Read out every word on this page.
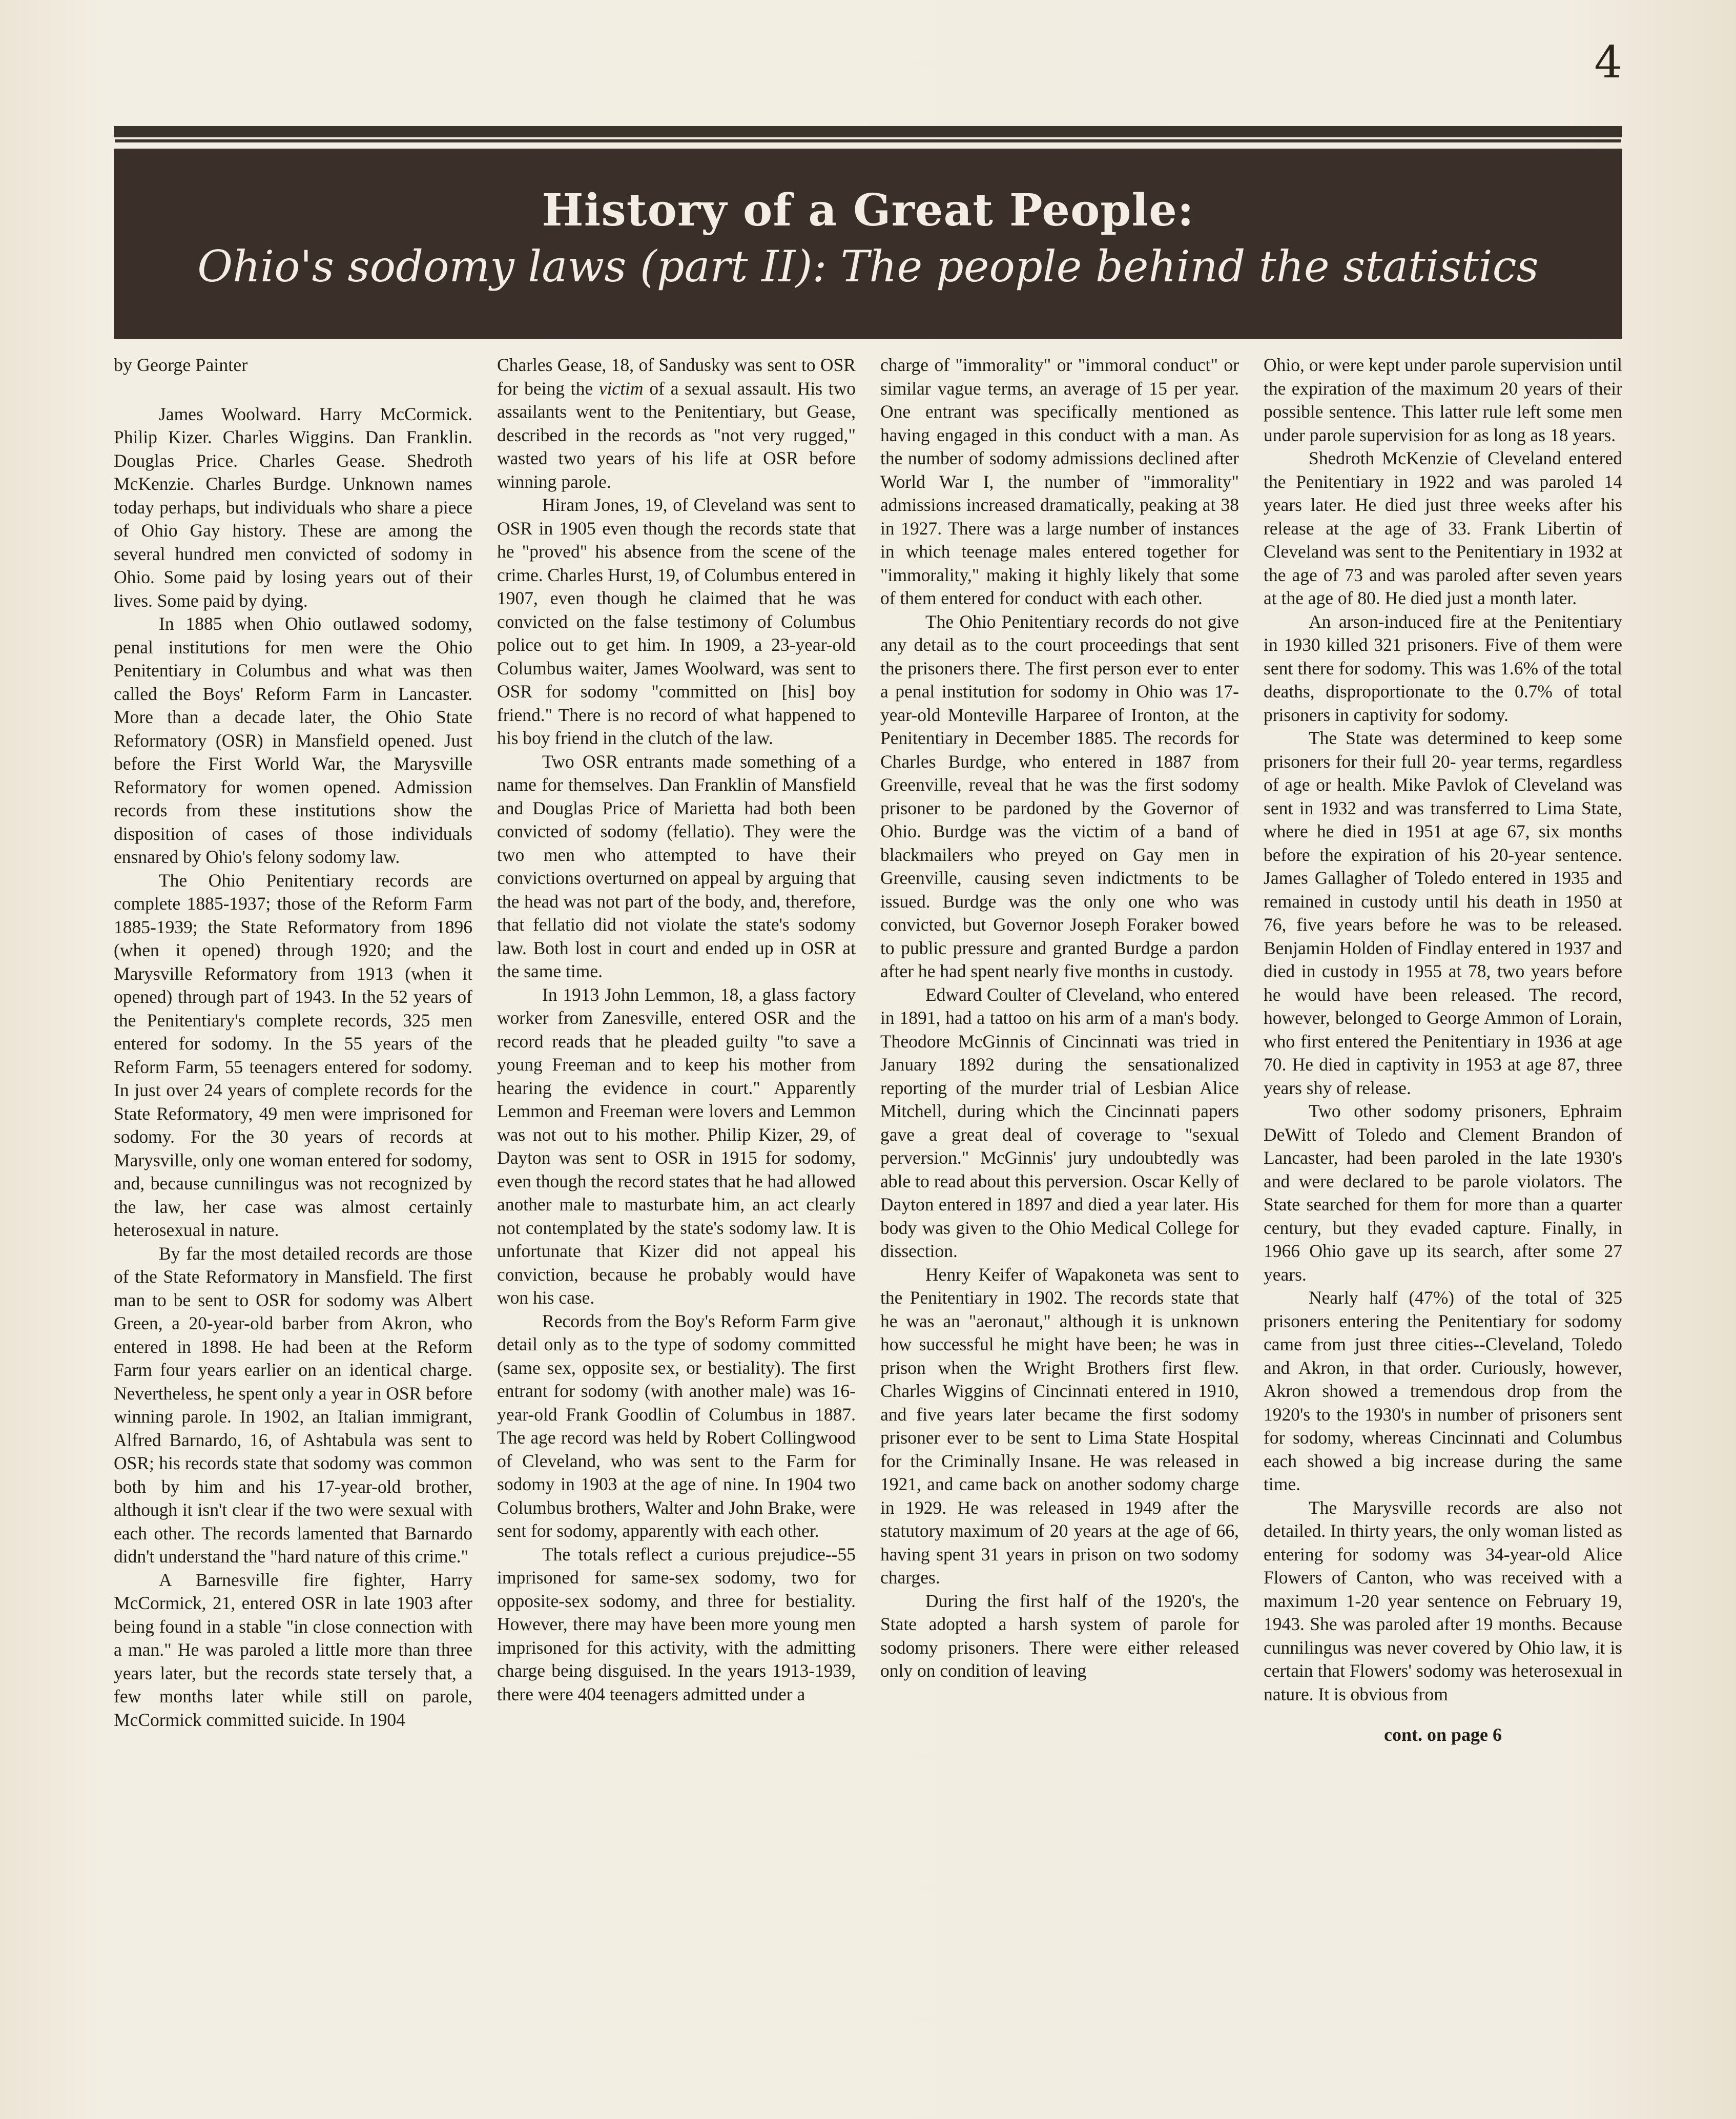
4
History of a Great People:
Ohio's sodomy laws (part II): The people behind the statistics
by George Painter

James Woolward. Harry McCormick. Philip Kizer. Charles Wiggins. Dan Franklin. Douglas Price. Charles Gease. Shedroth McKenzie. Charles Burdge. Unknown names today perhaps, but individuals who share a piece of Ohio Gay history. These are among the several hundred men convicted of sodomy in Ohio. Some paid by losing years out of their lives. Some paid by dying.

In 1885 when Ohio outlawed sodomy, penal institutions for men were the Ohio Penitentiary in Columbus and what was then called the Boys' Reform Farm in Lancaster. More than a decade later, the Ohio State Reformatory (OSR) in Mansfield opened. Just before the First World War, the Marysville Reformatory for women opened. Admission records from these institutions show the disposition of cases of those individuals ensnared by Ohio's felony sodomy law.

The Ohio Penitentiary records are complete 1885-1937; those of the Reform Farm 1885-1939; the State Reformatory from 1896 (when it opened) through 1920; and the Marysville Reformatory from 1913 (when it opened) through part of 1943. In the 52 years of the Penitentiary's complete records, 325 men entered for sodomy. In the 55 years of the Reform Farm, 55 teenagers entered for sodomy. In just over 24 years of complete records for the State Reformatory, 49 men were imprisoned for sodomy. For the 30 years of records at Marysville, only one woman entered for sodomy, and, because cunnilingus was not recognized by the law, her case was almost certainly heterosexual in nature.

By far the most detailed records are those of the State Reformatory in Mansfield. The first man to be sent to OSR for sodomy was Albert Green, a 20-year-old barber from Akron, who entered in 1898. He had been at the Reform Farm four years earlier on an identical charge. Nevertheless, he spent only a year in OSR before winning parole. In 1902, an Italian immigrant, Alfred Barnardo, 16, of Ashtabula was sent to OSR; his records state that sodomy was common both by him and his 17-year-old brother, although it isn't clear if the two were sexual with each other. The records lamented that Barnardo didn't understand the "hard nature of this crime."

A Barnesville fire fighter, Harry McCormick, 21, entered OSR in late 1903 after being found in a stable "in close connection with a man." He was paroled a little more than three years later, but the records state tersely that, a few months later while still on parole, McCormick committed suicide. In 1904

Charles Gease, 18, of Sandusky was sent to OSR for being the victim of a sexual assault. His two assailants went to the Penitentiary, but Gease, described in the records as "not very rugged," wasted two years of his life at OSR before winning parole.

Hiram Jones, 19, of Cleveland was sent to OSR in 1905 even though the records state that he "proved" his absence from the scene of the crime. Charles Hurst, 19, of Columbus entered in 1907, even though he claimed that he was convicted on the false testimony of Columbus police out to get him. In 1909, a 23-year-old Columbus waiter, James Woolward, was sent to OSR for sodomy "committed on [his] boy friend." There is no record of what happened to his boy friend in the clutch of the law.

Two OSR entrants made something of a name for themselves. Dan Franklin of Mansfield and Douglas Price of Marietta had both been convicted of sodomy (fellatio). They were the two men who attempted to have their convictions overturned on appeal by arguing that the head was not part of the body, and, therefore, that fellatio did not violate the state's sodomy law. Both lost in court and ended up in OSR at the same time.

In 1913 John Lemmon, 18, a glass factory worker from Zanesville, entered OSR and the record reads that he pleaded guilty "to save a young Freeman and to keep his mother from hearing the evidence in court." Apparently Lemmon and Freeman were lovers and Lemmon was not out to his mother. Philip Kizer, 29, of Dayton was sent to OSR in 1915 for sodomy, even though the record states that he had allowed another male to masturbate him, an act clearly not contemplated by the state's sodomy law. It is unfortunate that Kizer did not appeal his conviction, because he probably would have won his case.

Records from the Boy's Reform Farm give detail only as to the type of sodomy committed (same sex, opposite sex, or bestiality). The first entrant for sodomy (with another male) was 16-year-old Frank Goodlin of Columbus in 1887. The age record was held by Robert Collingwood of Cleveland, who was sent to the Farm for sodomy in 1903 at the age of nine. In 1904 two Columbus brothers, Walter and John Brake, were sent for sodomy, apparently with each other.

The totals reflect a curious prejudice--55 imprisoned for same-sex sodomy, two for opposite-sex sodomy, and three for bestiality. However, there may have been more young men imprisoned for this activity, with the admitting charge being disguised. In the years 1913-1939, there were 404 teenagers admitted under a

charge of "immorality" or "immoral conduct" or similar vague terms, an average of 15 per year. One entrant was specifically mentioned as having engaged in this conduct with a man. As the number of sodomy admissions declined after World War I, the number of "immorality" admissions increased dramatically, peaking at 38 in 1927. There was a large number of instances in which teenage males entered together for "immorality," making it highly likely that some of them entered for conduct with each other.

The Ohio Penitentiary records do not give any detail as to the court proceedings that sent the prisoners there. The first person ever to enter a penal institution for sodomy in Ohio was 17-year-old Monteville Harparee of Ironton, at the Penitentiary in December 1885. The records for Charles Burdge, who entered in 1887 from Greenville, reveal that he was the first sodomy prisoner to be pardoned by the Governor of Ohio. Burdge was the victim of a band of blackmailers who preyed on Gay men in Greenville, causing seven indictments to be issued. Burdge was the only one who was convicted, but Governor Joseph Foraker bowed to public pressure and granted Burdge a pardon after he had spent nearly five months in custody.

Edward Coulter of Cleveland, who entered in 1891, had a tattoo on his arm of a man's body. Theodore McGinnis of Cincinnati was tried in January 1892 during the sensationalized reporting of the murder trial of Lesbian Alice Mitchell, during which the Cincinnati papers gave a great deal of coverage to "sexual perversion." McGinnis' jury undoubtedly was able to read about this perversion. Oscar Kelly of Dayton entered in 1897 and died a year later. His body was given to the Ohio Medical College for dissection.

Henry Keifer of Wapakoneta was sent to the Penitentiary in 1902. The records state that he was an "aeronaut," although it is unknown how successful he might have been; he was in prison when the Wright Brothers first flew. Charles Wiggins of Cincinnati entered in 1910, and five years later became the first sodomy prisoner ever to be sent to Lima State Hospital for the Criminally Insane. He was released in 1921, and came back on another sodomy charge in 1929. He was released in 1949 after the statutory maximum of 20 years at the age of 66, having spent 31 years in prison on two sodomy charges.

During the first half of the 1920's, the State adopted a harsh system of parole for sodomy prisoners. There were either released only on condition of leaving

Ohio, or were kept under parole supervision until the expiration of the maximum 20 years of their possible sentence. This latter rule left some men under parole supervision for as long as 18 years.

Shedroth McKenzie of Cleveland entered the Penitentiary in 1922 and was paroled 14 years later. He died just three weeks after his release at the age of 33. Frank Libertin of Cleveland was sent to the Penitentiary in 1932 at the age of 73 and was paroled after seven years at the age of 80. He died just a month later.

An arson-induced fire at the Penitentiary in 1930 killed 321 prisoners. Five of them were sent there for sodomy. This was 1.6% of the total deaths, disproportionate to the 0.7% of total prisoners in captivity for sodomy.

The State was determined to keep some prisoners for their full 20- year terms, regardless of age or health. Mike Pavlok of Cleveland was sent in 1932 and was transferred to Lima State, where he died in 1951 at age 67, six months before the expiration of his 20-year sentence. James Gallagher of Toledo entered in 1935 and remained in custody until his death in 1950 at 76, five years before he was to be released. Benjamin Holden of Findlay entered in 1937 and died in custody in 1955 at 78, two years before he would have been released. The record, however, belonged to George Ammon of Lorain, who first entered the Penitentiary in 1936 at age 70. He died in captivity in 1953 at age 87, three years shy of release.

Two other sodomy prisoners, Ephraim DeWitt of Toledo and Clement Brandon of Lancaster, had been paroled in the late 1930's and were declared to be parole violators. The State searched for them for more than a quarter century, but they evaded capture. Finally, in 1966 Ohio gave up its search, after some 27 years.

Nearly half (47%) of the total of 325 prisoners entering the Penitentiary for sodomy came from just three cities--Cleveland, Toledo and Akron, in that order. Curiously, however, Akron showed a tremendous drop from the 1920's to the 1930's in number of prisoners sent for sodomy, whereas Cincinnati and Columbus each showed a big increase during the same time.

The Marysville records are also not detailed. In thirty years, the only woman listed as entering for sodomy was 34-year-old Alice Flowers of Canton, who was received with a maximum 1-20 year sentence on February 19, 1943. She was paroled after 19 months. Because cunnilingus was never covered by Ohio law, it is certain that Flowers' sodomy was heterosexual in nature. It is obvious from

cont. on page 6
